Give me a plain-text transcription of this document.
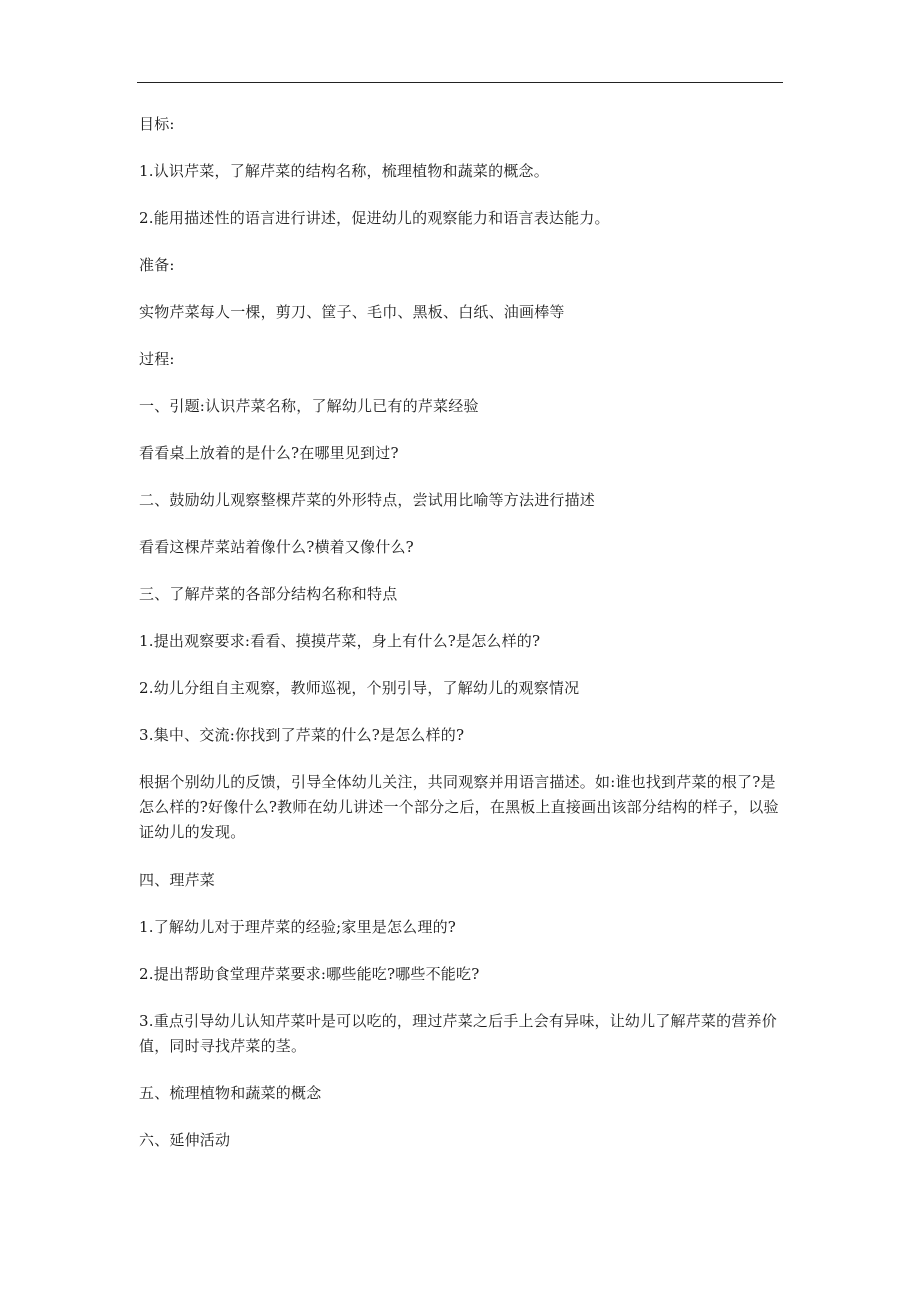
目标:

1.认识芹菜，了解芹菜的结构名称，梳理植物和蔬菜的概念。

2.能用描述性的语言进行讲述，促进幼儿的观察能力和语言表达能力。

准备:

实物芹菜每人一棵，剪刀、筐子、毛巾、黑板、白纸、油画棒等

过程:

一、引题:认识芹菜名称，了解幼儿已有的芹菜经验

看看桌上放着的是什么?在哪里见到过?

二、鼓励幼儿观察整棵芹菜的外形特点，尝试用比喻等方法进行描述

看看这棵芹菜站着像什么?横着又像什么?

三、了解芹菜的各部分结构名称和特点

1.提出观察要求:看看、摸摸芹菜，身上有什么?是怎么样的?

2.幼儿分组自主观察，教师巡视，个别引导，了解幼儿的观察情况

3.集中、交流:你找到了芹菜的什么?是怎么样的?

根据个别幼儿的反馈，引导全体幼儿关注，共同观察并用语言描述。如:谁也找到芹菜的根了?是怎么样的?好像什么?教师在幼儿讲述一个部分之后，在黑板上直接画出该部分结构的样子，以验证幼儿的发现。

四、理芹菜

1.了解幼儿对于理芹菜的经验;家里是怎么理的?

2.提出帮助食堂理芹菜要求:哪些能吃?哪些不能吃?

3.重点引导幼儿认知芹菜叶是可以吃的，理过芹菜之后手上会有异味，让幼儿了解芹菜的营养价值，同时寻找芹菜的茎。

五、梳理植物和蔬菜的概念

六、延伸活动
